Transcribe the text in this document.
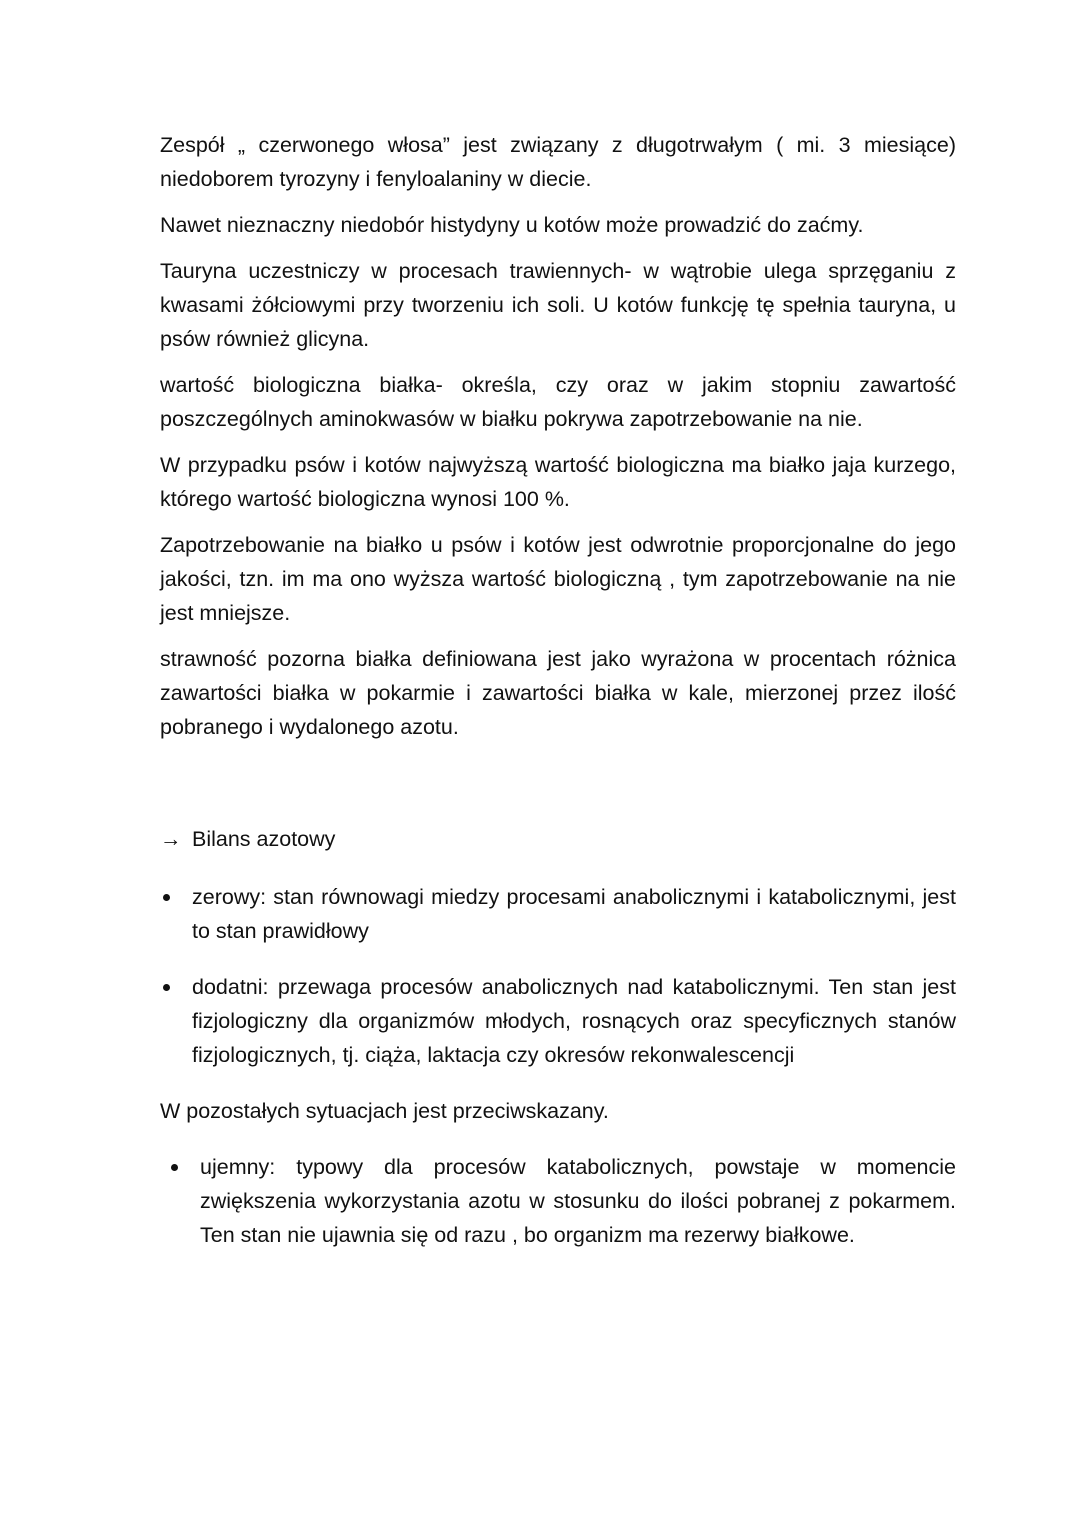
Zespół „ czerwonego włosa” jest związany z długotrwałym ( mi. 3 miesiące) niedoborem tyrozyny i fenyloalaniny w diecie.

Nawet nieznaczny niedobór histydyny u kotów może prowadzić do zaćmy.

Tauryna uczestniczy w procesach trawiennych- w wątrobie ulega sprzęganiu z kwasami żółciowymi przy tworzeniu ich soli. U kotów funkcję tę spełnia tauryna, u psów również glicyna.

wartość biologiczna białka- określa, czy oraz w jakim stopniu zawartość poszczególnych aminokwasów w białku pokrywa zapotrzebowanie na nie.

W przypadku psów i kotów najwyższą wartość biologiczna ma białko jaja kurzego, którego wartość biologiczna wynosi 100 %.

Zapotrzebowanie na białko u psów i kotów jest odwrotnie proporcjonalne do jego jakości, tzn. im ma ono wyższa wartość biologiczną , tym zapotrzebowanie na nie jest mniejsze.

strawność pozorna białka definiowana jest jako wyrażona w procentach różnica zawartości białka w pokarmie i zawartości białka w kale, mierzonej przez ilość pobranego i wydalonego azotu.

→ Bilans azotowy
zerowy: stan równowagi miedzy procesami anabolicznymi i katabolicznymi, jest to stan prawidłowy
dodatni: przewaga procesów anabolicznych nad katabolicznymi. Ten stan jest fizjologiczny dla organizmów młodych, rosnących oraz specyficznych stanów fizjologicznych, tj. ciąża, laktacja czy okresów rekonwalescencji

W pozostałych sytuacjach jest przeciwskazany.

ujemny: typowy dla procesów katabolicznych, powstaje w momencie zwiększenia wykorzystania azotu w stosunku do ilości pobranej z pokarmem. Ten stan nie ujawnia się od razu , bo organizm ma rezerwy białkowe.
